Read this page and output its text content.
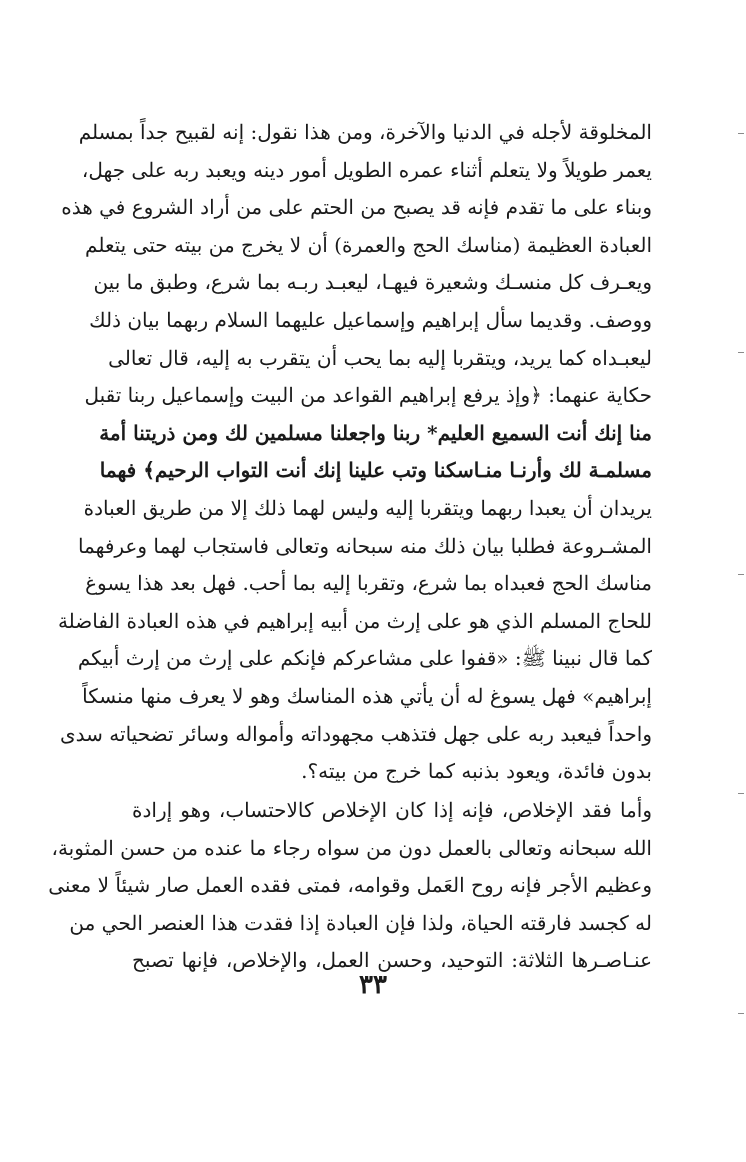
المخلوقة لأجله في الدنيا والآخرة، ومن هذا نقول: إنه لقبيح جداً بمسلم
يعمر طويلاً ولا يتعلم أثناء عمره الطويل أمور دينه ويعبد ربه على جهل،
وبناء على ما تقدم فإنه قد يصبح من الحتم على من أراد الشروع في هذه
العبادة العظيمة (مناسك الحج والعمرة) أن لا يخرج من بيته حتى يتعلم
ويعـرف كل منسـك وشعيرة فيهـا، ليعبـد ربـه بما شرع، وطبق ما بين
ووصف. وقديما سأل إبراهيم وإسماعيل عليهما السلام ربهما بيان ذلك
ليعبـداه كما يريد، ويتقربا إليه بما يحب أن يتقرب به إليه، قال تعالى
حكاية عنهما: ﴿وإذ يرفع إبراهيم القواعد من البيت وإسماعيل ربنا تقبل
منا إنك أنت السميع العليم* ربنا واجعلنا مسلمين لك ومن ذريتنا أمة
مسلمـة لك وأرنـا منـاسكنا وتب علينا إنك أنت التواب الرحيم﴾ فهما
يريدان أن يعبدا ربهما ويتقربا إليه وليس لهما ذلك إلا من طريق العبادة
المشـروعة فطلبا بيان ذلك منه سبحانه وتعالى فاستجاب لهما وعرفهما
مناسك الحج فعبداه بما شرع، وتقربا إليه بما أحب. فهل بعد هذا يسوغ
للحاج المسلم الذي هو على إرث من أبيه إبراهيم في هذه العبادة الفاضلة
كما قال نبينا ﷺ: «قفوا على مشاعركم فإنكم على إرث من إرث أبيكم
إبراهيم» فهل يسوغ له أن يأتي هذه المناسك وهو لا يعرف منها منسكاً
واحداً فيعبد ربه على جهل فتذهب مجهوداته وأمواله وسائر تضحياته سدى
بدون فائدة، ويعود بذنبه كما خرج من بيته؟.
وأما فقد الإخلاص، فإنه إذا كان الإخلاص كالاحتساب، وهو إرادة
الله سبحانه وتعالى بالعمل دون من سواه رجاء ما عنده من حسن المثوبة،
وعظيم الأجر فإنه روح العَمل وقوامه، فمتى فقده العمل صار شيئاً لا معنى
له كجسد فارقته الحياة، ولذا فإن العبادة إذا فقدت هذا العنصر الحي من
عنـاصـرها الثلاثة: التوحيد، وحسن العمل، والإخلاص، فإنها تصبح
٣٣
